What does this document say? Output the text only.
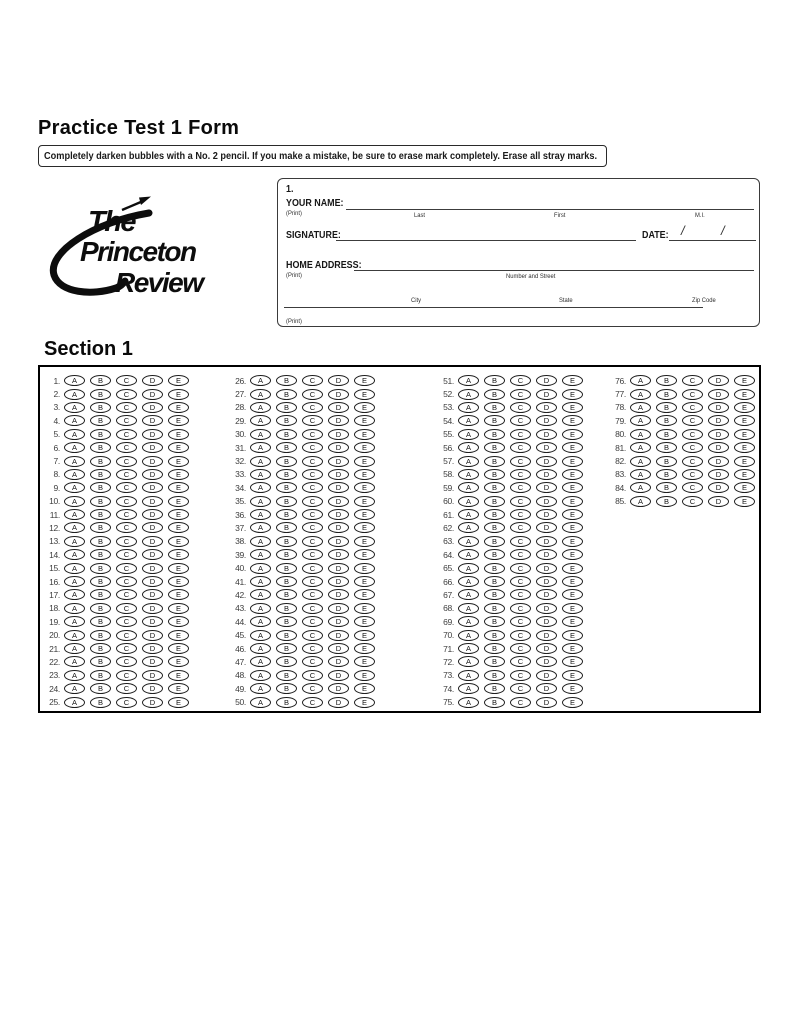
Practice Test 1 Form
Completely darken bubbles with a No. 2 pencil. If you make a mistake, be sure to erase mark completely. Erase all stray marks.
The
Princeton
Review
1.
YOUR NAME:
(Print)	Last	First	M.I.
SIGNATURE:	DATE: /	/
HOME ADDRESS:
(Print)	Number and Street
City	State	Zip Code
(Print)
Section 1
1.	A	B	C	D	E
2.	A	B	C	D	E
3.	A	B	C	D	E
4.	A	B	C	D	E
5.	A	B	C	D	E
6.	A	B	C	D	E
7.	A	B	C	D	E
8.	A	B	C	D	E
9.	A	B	C	D	E
10.	A	B	C	D	E
11.	A	B	C	D	E
12.	A	B	C	D	E
13.	A	B	C	D	E
14.	A	B	C	D	E
15.	A	B	C	D	E
16.	A	B	C	D	E
17.	A	B	C	D	E
18.	A	B	C	D	E
19.	A	B	C	D	E
20.	A	B	C	D	E
21.	A	B	C	D	E
22.	A	B	C	D	E
23.	A	B	C	D	E
24.	A	B	C	D	E
25.	A	B	C	D	E
26.	A	B	C	D	E
27.	A	B	C	D	E
28.	A	B	C	D	E
29.	A	B	C	D	E
30.	A	B	C	D	E
31.	A	B	C	D	E
32.	A	B	C	D	E
33.	A	B	C	D	E
34.	A	B	C	D	E
35.	A	B	C	D	E
36.	A	B	C	D	E
37.	A	B	C	D	E
38.	A	B	C	D	E
39.	A	B	C	D	E
40.	A	B	C	D	E
41.	A	B	C	D	E
42.	A	B	C	D	E
43.	A	B	C	D	E
44.	A	B	C	D	E
45.	A	B	C	D	E
46.	A	B	C	D	E
47.	A	B	C	D	E
48.	A	B	C	D	E
49.	A	B	C	D	E
50.	A	B	C	D	E
51.	A	B	C	D	E
52.	A	B	C	D	E
53.	A	B	C	D	E
54.	A	B	C	D	E
55.	A	B	C	D	E
56.	A	B	C	D	E
57.	A	B	C	D	E
58.	A	B	C	D	E
59.	A	B	C	D	E
60.	A	B	C	D	E
61.	A	B	C	D	E
62.	A	B	C	D	E
63.	A	B	C	D	E
64.	A	B	C	D	E
65.	A	B	C	D	E
66.	A	B	C	D	E
67.	A	B	C	D	E
68.	A	B	C	D	E
69.	A	B	C	D	E
70.	A	B	C	D	E
71.	A	B	C	D	E
72.	A	B	C	D	E
73.	A	B	C	D	E
74.	A	B	C	D	E
75.	A	B	C	D	E
76.	A	B	C	D	E
77.	A	B	C	D	E
78.	A	B	C	D	E
79.	A	B	C	D	E
80.	A	B	C	D	E
81.	A	B	C	D	E
82.	A	B	C	D	E
83.	A	B	C	D	E
84.	A	B	C	D	E
85.	A	B	C	D	E
